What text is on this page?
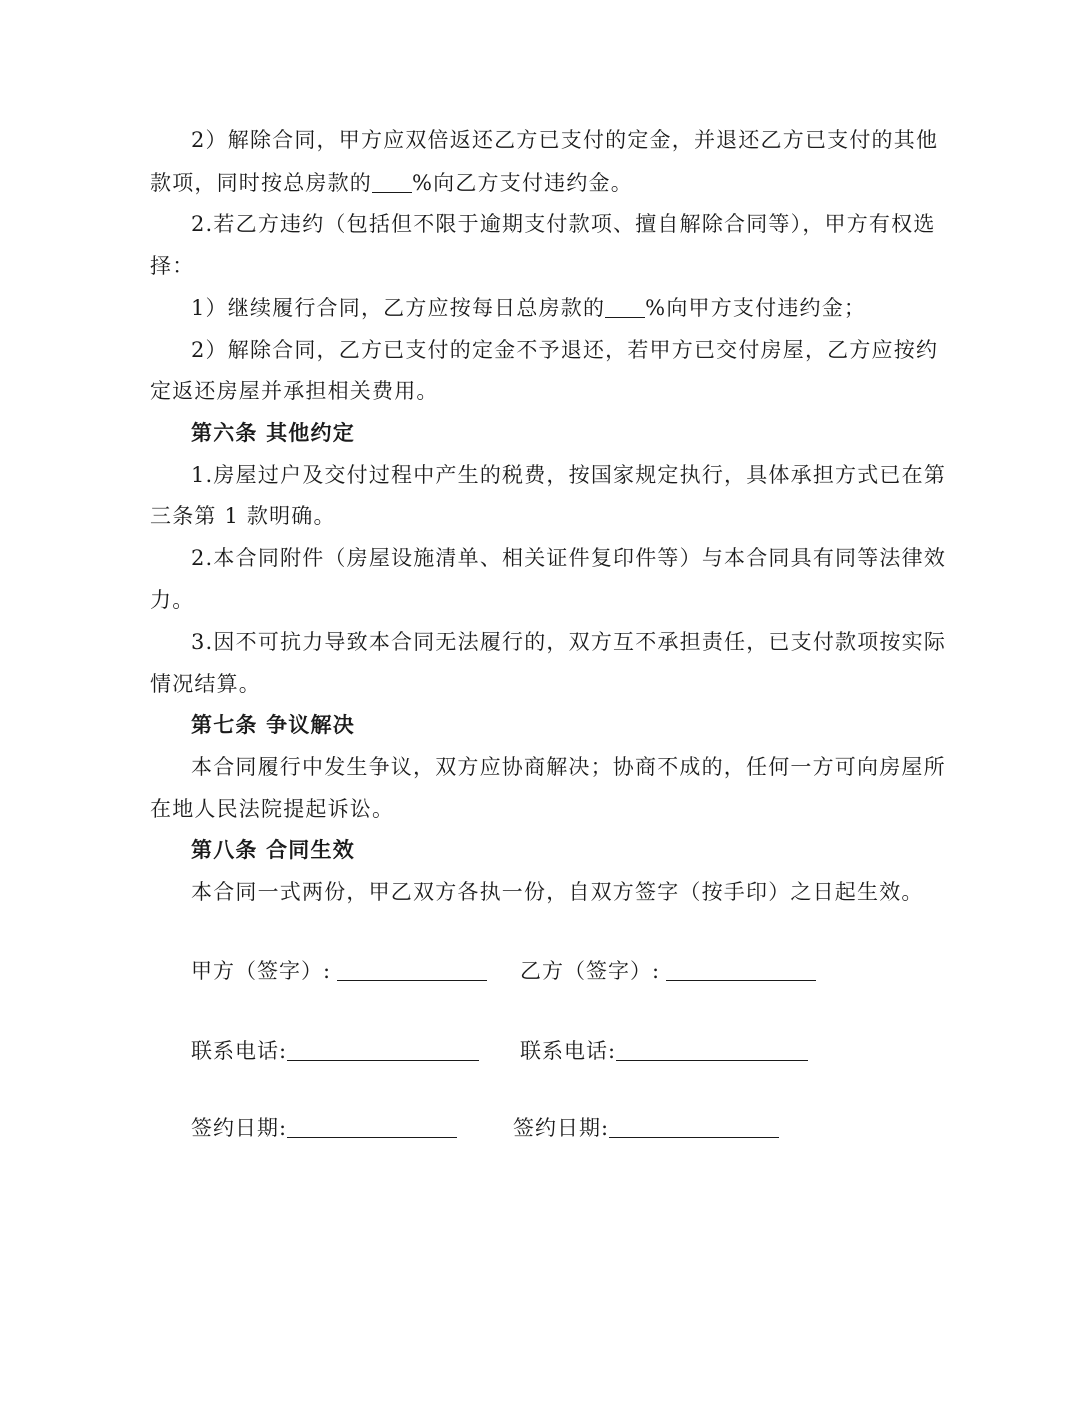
2）解除合同，甲方应双倍返还乙方已支付的定金，并退还乙方已支付的其他
款项，同时按总房款的 %向乙方支付违约金。
2.若乙方违约（包括但不限于逾期支付款项、擅自解除合同等），甲方有权选
择：
1）继续履行合同，乙方应按每日总房款的 %向甲方支付违约金；
2）解除合同，乙方已支付的定金不予退还，若甲方已交付房屋，乙方应按约
定返还房屋并承担相关费用。
第六条 其他约定
1.房屋过户及交付过程中产生的税费，按国家规定执行，具体承担方式已在第
三条第 1 款明确。
2.本合同附件（房屋设施清单、相关证件复印件等）与本合同具有同等法律效
力。
3.因不可抗力导致本合同无法履行的，双方互不承担责任，已支付款项按实际
情况结算。
第七条 争议解决
本合同履行中发生争议，双方应协商解决；协商不成的，任何一方可向房屋所
在地人民法院提起诉讼。
第八条 合同生效
本合同一式两份，甲乙双方各执一份，自双方签字（按手印）之日起生效。
甲方（签字）:	乙方（签字）:
联系电话:	联系电话:
签约日期:	签约日期:
